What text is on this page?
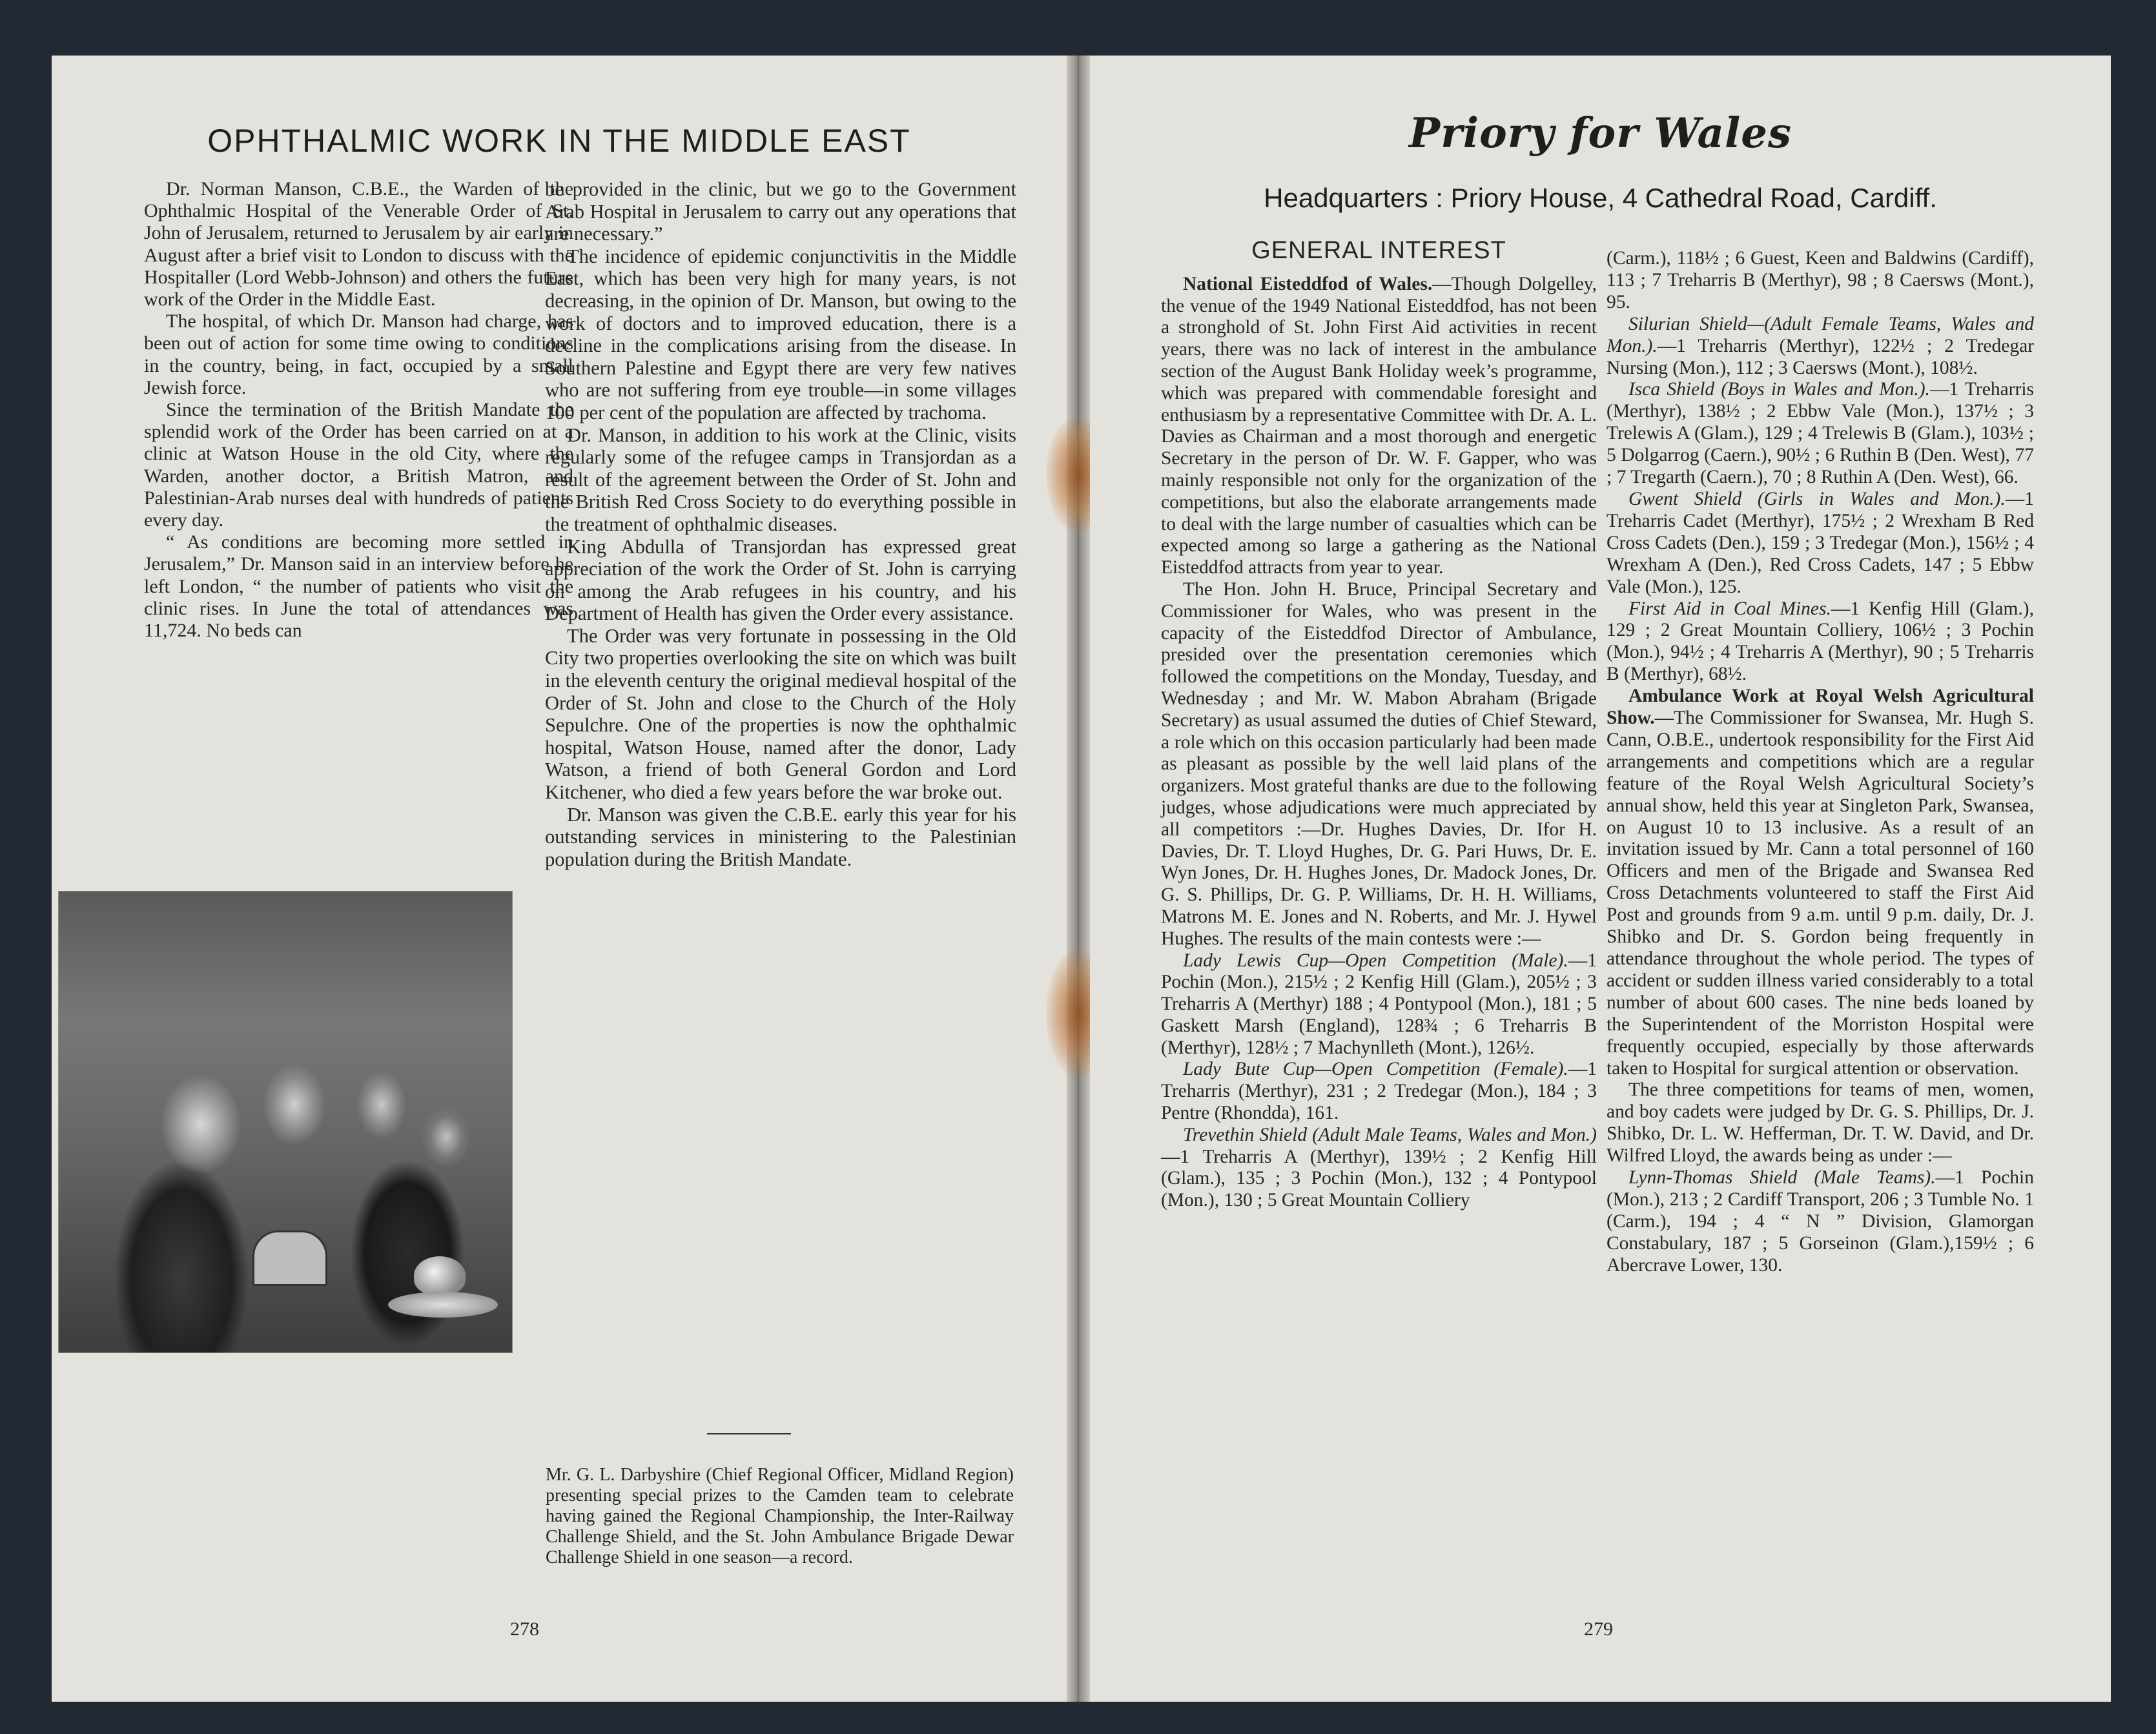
OPHTHALMIC WORK IN THE MIDDLE EAST

Dr. Norman Manson, C.B.E., the Warden of the Ophthalmic Hospital of the Venerable Order of St. John of Jerusalem, returned to Jerusalem by air early in August after a brief visit to London to discuss with the Hospitaller (Lord Webb-Johnson) and others the future work of the Order in the Middle East.

The hospital, of which Dr. Manson had charge, has been out of action for some time owing to conditions in the country, being, in fact, occupied by a small Jewish force.

Since the termination of the British Mandate the splendid work of the Order has been carried on at a clinic at Watson House in the old City, where the Warden, another doctor, a British Matron, and Palestinian-Arab nurses deal with hundreds of patients every day.

“ As conditions are becoming more settled in Jerusalem,” Dr. Manson said in an interview before he left London, “ the number of patients who visit the clinic rises. In June the total of attendances was 11,724. No beds can

be provided in the clinic, but we go to the Government Arab Hospital in Jerusalem to carry out any operations that are necessary.”

The incidence of epidemic conjunctivitis in the Middle East, which has been very high for many years, is not decreasing, in the opinion of Dr. Manson, but owing to the work of doctors and to improved education, there is a decline in the complications arising from the disease. In Southern Palestine and Egypt there are very few natives who are not suffering from eye trouble—in some villages 100 per cent of the population are affected by trachoma.

Dr. Manson, in addition to his work at the Clinic, visits regularly some of the refugee camps in Transjordan as a result of the agreement between the Order of St. John and the British Red Cross Society to do everything possible in the treatment of ophthalmic diseases.

King Abdulla of Transjordan has expressed great appreciation of the work the Order of St. John is carrying on among the Arab refugees in his country, and his Department of Health has given the Order every assistance.

The Order was very fortunate in possessing in the Old City two properties overlooking the site on which was built in the eleventh century the original medieval hospital of the Order of St. John and close to the Church of the Holy Sepulchre. One of the properties is now the ophthalmic hospital, Watson House, named after the donor, Lady Watson, a friend of both General Gordon and Lord Kitchener, who died a few years before the war broke out.

Dr. Manson was given the C.B.E. early this year for his outstanding services in ministering to the Palestinian population during the British Mandate.

Mr. G. L. Darbyshire (Chief Regional Officer, Midland Region) presenting special prizes to the Camden team to celebrate having gained the Regional Championship, the Inter-Railway Challenge Shield, and the St. John Ambulance Brigade Dewar Challenge Shield in one season—a record.
278
Priory for Wales
Headquarters : Priory House, 4 Cathedral Road, Cardiff.
GENERAL INTEREST

National Eisteddfod of Wales.—Though Dolgelley, the venue of the 1949 National Eisteddfod, has not been a stronghold of St. John First Aid activities in recent years, there was no lack of interest in the ambulance section of the August Bank Holiday week’s programme, which was prepared with commendable foresight and enthusiasm by a representative Committee with Dr. A. L. Davies as Chairman and a most thorough and energetic Secretary in the person of Dr. W. F. Gapper, who was mainly responsible not only for the organization of the competitions, but also the elaborate arrangements made to deal with the large number of casualties which can be expected among so large a gathering as the National Eisteddfod attracts from year to year.

The Hon. John H. Bruce, Principal Secretary and Commissioner for Wales, who was present in the capacity of the Eisteddfod Director of Ambulance, presided over the presentation ceremonies which followed the competitions on the Monday, Tuesday, and Wednesday ; and Mr. W. Mabon Abraham (Brigade Secretary) as usual assumed the duties of Chief Steward, a role which on this occasion particularly had been made as pleasant as possible by the well laid plans of the organizers. Most grateful thanks are due to the following judges, whose adjudications were much appreciated by all competitors :—Dr. Hughes Davies, Dr. Ifor H. Davies, Dr. T. Lloyd Hughes, Dr. G. Pari Huws, Dr. E. Wyn Jones, Dr. H. Hughes Jones, Dr. Madock Jones, Dr. G. S. Phillips, Dr. G. P. Williams, Dr. H. H. Williams, Matrons M. E. Jones and N. Roberts, and Mr. J. Hywel Hughes. The results of the main contests were :—

Lady Lewis Cup—Open Competition (Male).—1 Pochin (Mon.), 215½ ; 2 Kenfig Hill (Glam.), 205½ ; 3 Treharris A (Merthyr) 188 ; 4 Pontypool (Mon.), 181 ; 5 Gaskett Marsh (England), 128¾ ; 6 Treharris B (Merthyr), 128½ ; 7 Machynlleth (Mont.), 126½.

Lady Bute Cup—Open Competition (Female).—1 Treharris (Merthyr), 231 ; 2 Tredegar (Mon.), 184 ; 3 Pentre (Rhondda), 161.

Trevethin Shield (Adult Male Teams, Wales and Mon.)—1 Treharris A (Merthyr), 139½ ; 2 Kenfig Hill (Glam.), 135 ; 3 Pochin (Mon.), 132 ; 4 Pontypool (Mon.), 130 ; 5 Great Mountain Colliery

(Carm.), 118½ ; 6 Guest, Keen and Baldwins (Cardiff), 113 ; 7 Treharris B (Merthyr), 98 ; 8 Caersws (Mont.), 95.

Silurian Shield—(Adult Female Teams, Wales and Mon.).—1 Treharris (Merthyr), 122½ ; 2 Tredegar Nursing (Mon.), 112 ; 3 Caersws (Mont.), 108½.

Isca Shield (Boys in Wales and Mon.).—1 Treharris (Merthyr), 138½ ; 2 Ebbw Vale (Mon.), 137½ ; 3 Trelewis A (Glam.), 129 ; 4 Trelewis B (Glam.), 103½ ; 5 Dolgarrog (Caern.), 90½ ; 6 Ruthin B (Den. West), 77 ; 7 Tregarth (Caern.), 70 ; 8 Ruthin A (Den. West), 66.

Gwent Shield (Girls in Wales and Mon.).—1 Treharris Cadet (Merthyr), 175½ ; 2 Wrexham B Red Cross Cadets (Den.), 159 ; 3 Tredegar (Mon.), 156½ ; 4 Wrexham A (Den.), Red Cross Cadets, 147 ; 5 Ebbw Vale (Mon.), 125.

First Aid in Coal Mines.—1 Kenfig Hill (Glam.), 129 ; 2 Great Mountain Colliery, 106½ ; 3 Pochin (Mon.), 94½ ; 4 Treharris A (Merthyr), 90 ; 5 Treharris B (Merthyr), 68½.

Ambulance Work at Royal Welsh Agricultural Show.—The Commissioner for Swansea, Mr. Hugh S. Cann, O.B.E., undertook responsibility for the First Aid arrangements and competitions which are a regular feature of the Royal Welsh Agricultural Society’s annual show, held this year at Singleton Park, Swansea, on August 10 to 13 inclusive. As a result of an invitation issued by Mr. Cann a total personnel of 160 Officers and men of the Brigade and Swansea Red Cross Detachments volunteered to staff the First Aid Post and grounds from 9 a.m. until 9 p.m. daily, Dr. J. Shibko and Dr. S. Gordon being frequently in attendance throughout the whole period. The types of accident or sudden illness varied considerably to a total number of about 600 cases. The nine beds loaned by the Superintendent of the Morriston Hospital were frequently occupied, especially by those afterwards taken to Hospital for surgical attention or observation.

The three competitions for teams of men, women, and boy cadets were judged by Dr. G. S. Phillips, Dr. J. Shibko, Dr. L. W. Hefferman, Dr. T. W. David, and Dr. Wilfred Lloyd, the awards being as under :—

Lynn-Thomas Shield (Male Teams).—1 Pochin (Mon.), 213 ; 2 Cardiff Transport, 206 ; 3 Tumble No. 1 (Carm.), 194 ; 4 “ N ” Division, Glamorgan Constabulary, 187 ; 5 Gorseinon (Glam.),159½ ; 6 Abercrave Lower, 130.

279
